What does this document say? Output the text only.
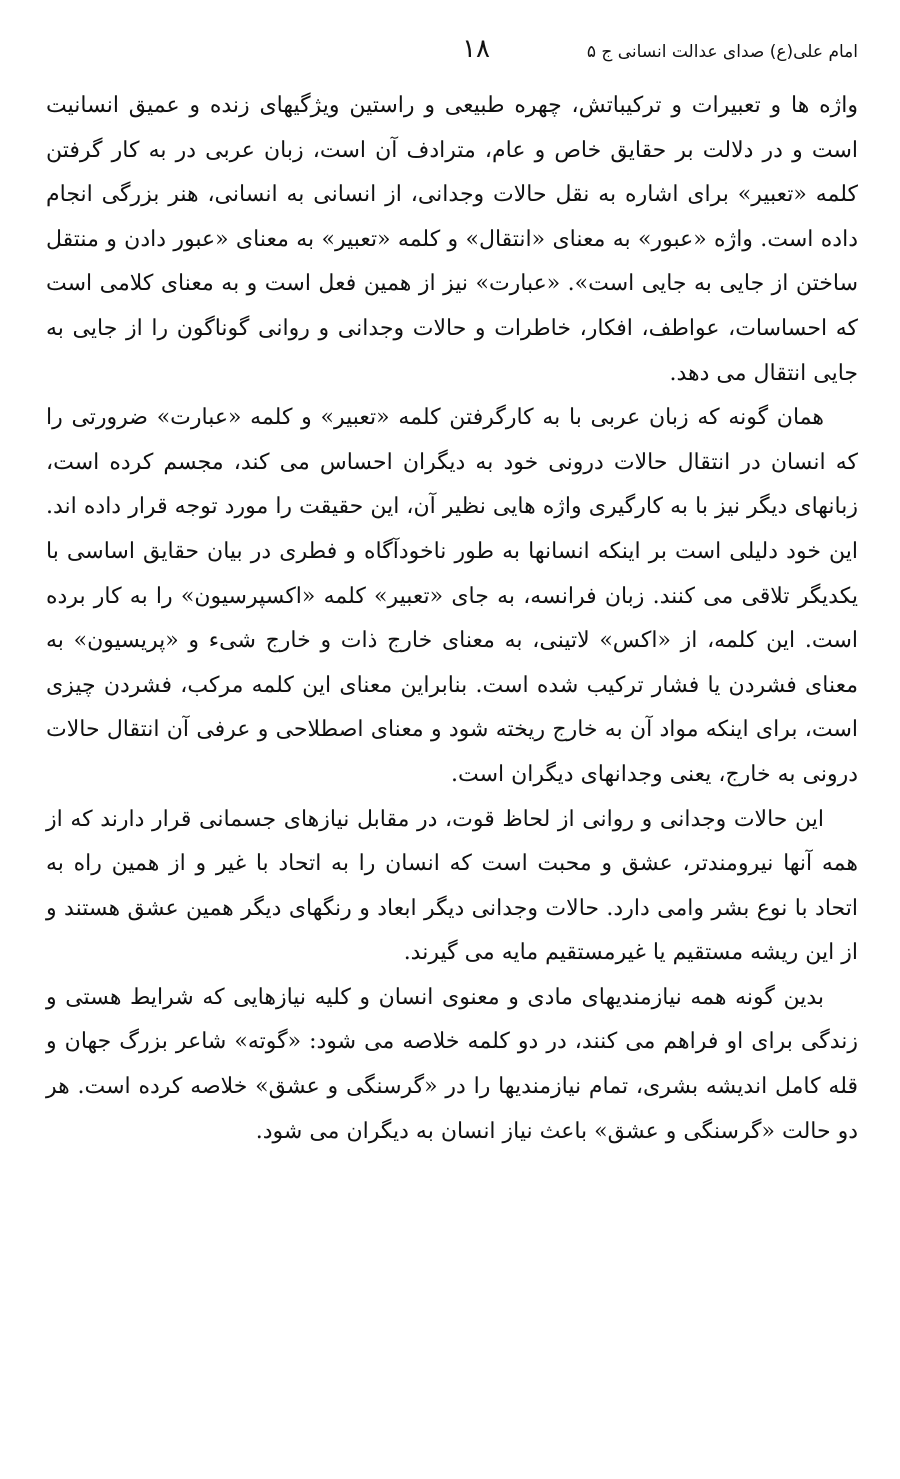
امام علی(ع) صدای عدالت انسانی ج ۵
۱۸

واژه ها و تعبیرات و ترکیباتش، چهره طبیعی و راستین ویژگیهای زنده و عمیق انسانیت است و در دلالت بر حقایق خاص و عام، مترادف آن است، زبان عربی در به کار گرفتن کلمه «تعبیر» برای اشاره به نقل حالات وجدانی، از انسانی به انسانی، هنر بزرگی انجام داده است. واژه «عبور» به معنای «انتقال» و کلمه «تعبیر» به معنای «عبور دادن و منتقل ساختن از جایی به جایی است». «عبارت» نیز از همین فعل است و به معنای کلامی است که احساسات، عواطف، افکار، خاطرات و حالات وجدانی و روانی گوناگون را از جایی به جایی انتقال می دهد.

همان گونه که زبان عربی با به کارگرفتن کلمه «تعبیر» و کلمه «عبارت» ضرورتی را که انسان در انتقال حالات درونی خود به دیگران احساس می کند، مجسم کرده است، زبانهای دیگر نیز با به کارگیری واژه هایی نظیر آن، این حقیقت را مورد توجه قرار داده اند. این خود دلیلی است بر اینکه انسانها به طور ناخودآگاه و فطری در بیان حقایق اساسی با یکدیگر تلاقی می کنند. زبان فرانسه، به جای «تعبیر» کلمه «اکسپرسیون» را به کار برده است. این کلمه، از «اکس» لاتینی، به معنای خارج ذات و خارج شیء و «پریسیون» به معنای فشردن یا فشار ترکیب شده است. بنابراین معنای این کلمه مرکب، فشردن چیزی است، برای اینکه مواد آن به خارج ریخته شود و معنای اصطلاحی و عرفی آن انتقال حالات درونی به خارج، یعنی وجدانهای دیگران است.

این حالات وجدانی و روانی از لحاظ قوت، در مقابل نیازهای جسمانی قرار دارند که از همه آنها نیرومندتر، عشق و محبت است که انسان را به اتحاد با غیر و از همین راه به اتحاد با نوع بشر وامی دارد. حالات وجدانی دیگر ابعاد و رنگهای دیگر همین عشق هستند و از این ریشه مستقیم یا غیرمستقیم مایه می گیرند.

بدین گونه همه نیازمندیهای مادی و معنوی انسان و کلیه نیازهایی که شرایط هستی و زندگی برای او فراهم می کنند، در دو کلمه خلاصه می شود: «گوته» شاعر بزرگ جهان و قله کامل اندیشه بشری، تمام نیازمندیها را در «گرسنگی و عشق» خلاصه کرده است. هر دو حالت «گرسنگی و عشق» باعث نیاز انسان به دیگران می شود.
